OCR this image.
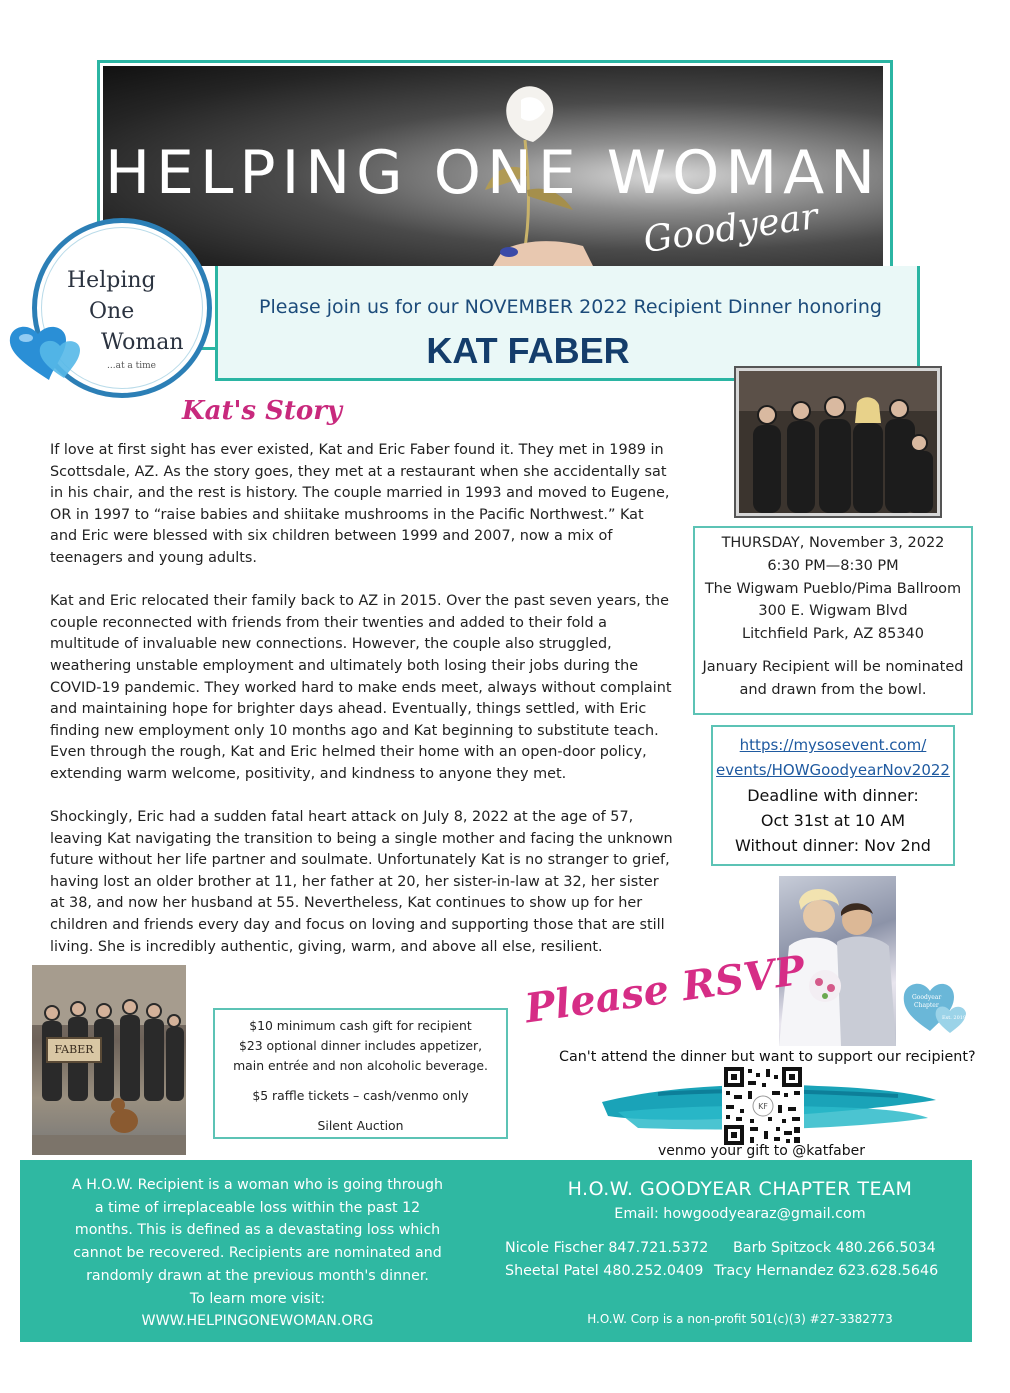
HELPING ONE WOMAN
Goodyear
Please join us for our NOVEMBER 2022 Recipient Dinner honoring
KAT FABER
Helping
One
Woman
...at a time
Kat's Story

If love at first sight has ever existed, Kat and Eric Faber found it. They met in 1989 in Scottsdale, AZ. As the story goes, they met at a restaurant when she accidentally sat in his chair, and the rest is history. The couple married in 1993 and moved to Eugene, OR in 1997 to “raise babies and shiitake mushrooms in the Pacific Northwest.” Kat and Eric were blessed with six children between 1999 and 2007, now a mix of teenagers and young adults.

Kat and Eric relocated their family back to AZ in 2015. Over the past seven years, the couple reconnected with friends from their twenties and added to their fold a multitude of invaluable new connections. However, the couple also struggled, weathering unstable employment and ultimately both losing their jobs during the COVID-19 pandemic. They worked hard to make ends meet, always without complaint and maintaining hope for brighter days ahead. Eventually, things settled, with Eric finding new employment only 10 months ago and Kat beginning to substitute teach. Even through the rough, Kat and Eric helmed their home with an open-door policy, extending warm welcome, positivity, and kindness to anyone they met.

Shockingly, Eric had a sudden fatal heart attack on July 8, 2022 at the age of 57, leaving Kat navigating the transition to being a single mother and facing the unknown future without her life partner and soulmate. Unfortunately Kat is no stranger to grief, having lost an older brother at 11, her father at 20, her sister-in-law at 32, her sister at 38, and now her husband at 55. Nevertheless, Kat continues to show up for her children and friends every day and focus on loving and supporting those that are still living. She is incredibly authentic, giving, warm, and above all else, resilient.

THURSDAY, November 3, 2022
6:30 PM—8:30 PM
The Wigwam Pueblo/Pima Ballroom
300 E. Wigwam Blvd
Litchfield Park, AZ 85340
January Recipient will be nominated
and drawn from the bowl.
https://mysosevent.com/
events/HOWGoodyearNov2022
Deadline with dinner:
Oct 31st at 10 AM
Without dinner: Nov 2nd
Goodyear
Chapter
Est. 2019
FABER
$10 minimum cash gift for recipient
$23 optional dinner includes appetizer,
main entrée and non alcoholic beverage.
$5 raffle tickets – cash/venmo only
Silent Auction
Please RSVP
Can't attend the dinner but want to support our recipient?
KF
venmo your gift to @katfaber
A H.O.W. Recipient is a woman who is going through
a time of irreplaceable loss within the past 12
months. This is defined as a devastating loss which
cannot be recovered. Recipients are nominated and
randomly drawn at the previous month's dinner.
To learn more visit:
WWW.HELPINGONEWOMAN.ORG
H.O.W. GOODYEAR CHAPTER TEAM
Email: howgoodyearaz@gmail.com
Nicole Fischer 847.721.5372 Barb Spitzock 480.266.5034
Sheetal Patel 480.252.0409 Tracy Hernandez 623.628.5646
H.O.W. Corp is a non-profit 501(c)(3) #27-3382773
